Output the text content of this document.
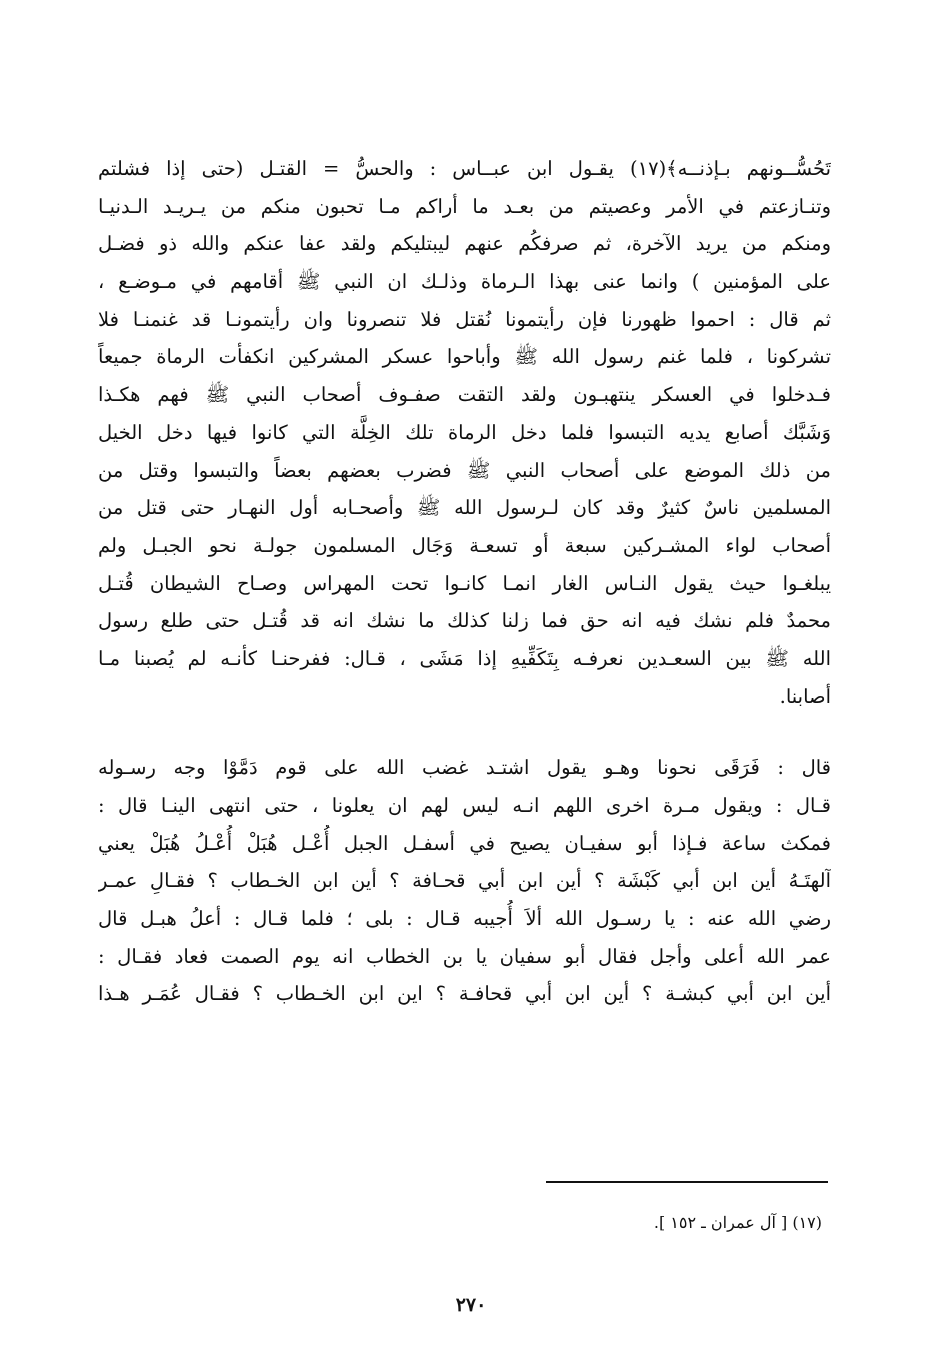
تَحُسُّــونهم بـإذنــه﴾(١٧) يقـول ابن عبــاس : والحسُّ = القتـل (حتى إذا فشلتم
وتنـازعتم في الأمر وعصيتم من بعـد ما أراكم مـا تحبون منكم من يـريـد الـدنيـا
ومنكم من يريد الآخرة، ثم صرفكُم عنهم ليبتليكم ولقد عفا عنكم والله ذو فضـل
على المؤمنين ) وانما عنى بهذا الـرماة وذلـك ان النبي ﷺ أقامهم في مـوضـع ،
ثم قال : احموا ظهورنا فإن رأيتمونا نُقتل فلا تنصرونا وان رأيتمونـا قد غنمنـا فلا
تشركونا ، فلما غنم رسول الله ﷺ وأباحوا عسكر المشركين انكفأت الرماة جميعاً
فـدخلوا في العسكر ينتهبـون ولقد التقت صفـوف أصحاب النبي ﷺ فهم هكـذا
وَشَبَّك أصابع يديه التبسوا فلما دخل الرماة تلك الخِلَّة التي كانوا فيها دخل الخيل
من ذلك الموضع على أصحاب النبي ﷺ فضرب بعضهم بعضاً والتبسوا وقتل من
المسلمين ناسٌ كثيرٌ وقد كان لـرسول الله ﷺ وأصحـابه أول النهـار حتى قتل من
أصحاب لواء المشـركين سبعة أو تسعـة وَجَال المسلمون جولـة نحو الجبـل ولم
يبلغـوا حيث يقول النـاس الغار انمـا كانـوا تحت المهراس وصـاح الشيطان قُتـل
محمدٌ فلم نشك فيه انه حق فما زلنا كذلك ما نشك انه قد قُتـل حتى طلع رسول
الله ﷺ بين السعـدين نعرفـه بِتَكَفِّيهِ إذا مَشَى ، قـال: ففرحنـا كأنـه لم يُصبنا مـا
أصابنا.
قال : فَرَقَى نحونا وهـو يقول اشتـد غضب الله على قوم دَمَّوْا وجه رسـوله
قـال : ويقول مـرة اخرى اللهم انـه ليس لهم ان يعلونا ، حتى انتهى الينـا قال :
فمكث ساعة فـإذا أبو سفيـان يصيح في أسفـل الجبل أُعْـل هُبَلْ أُعْـلُ هُبَلْ يعني
آلهتَـهُ أين ابن أبي كَبْشَة ؟ أين ابن أبي قحـافة ؟ أين ابن الخـطاب ؟ فقـالِ عمـر
رضي الله عنه : يا رسـول الله ألاَ أُجيبه قـال : بلى ؛ فلما قـال : أعلُ هبـل قال
عمر الله أعلى وأجل فقال أبو سفيان يا بن الخطاب انه يوم الصمت فعاد فقـال :
أين ابن أبي كبشـة ؟ أين ابن أبي قحافـة ؟ اين ابن الخـطاب ؟ فقـال عُمَـر هـذا
(١٧) [ آل عمران ـ ١٥٢ ].
٢٧٠
